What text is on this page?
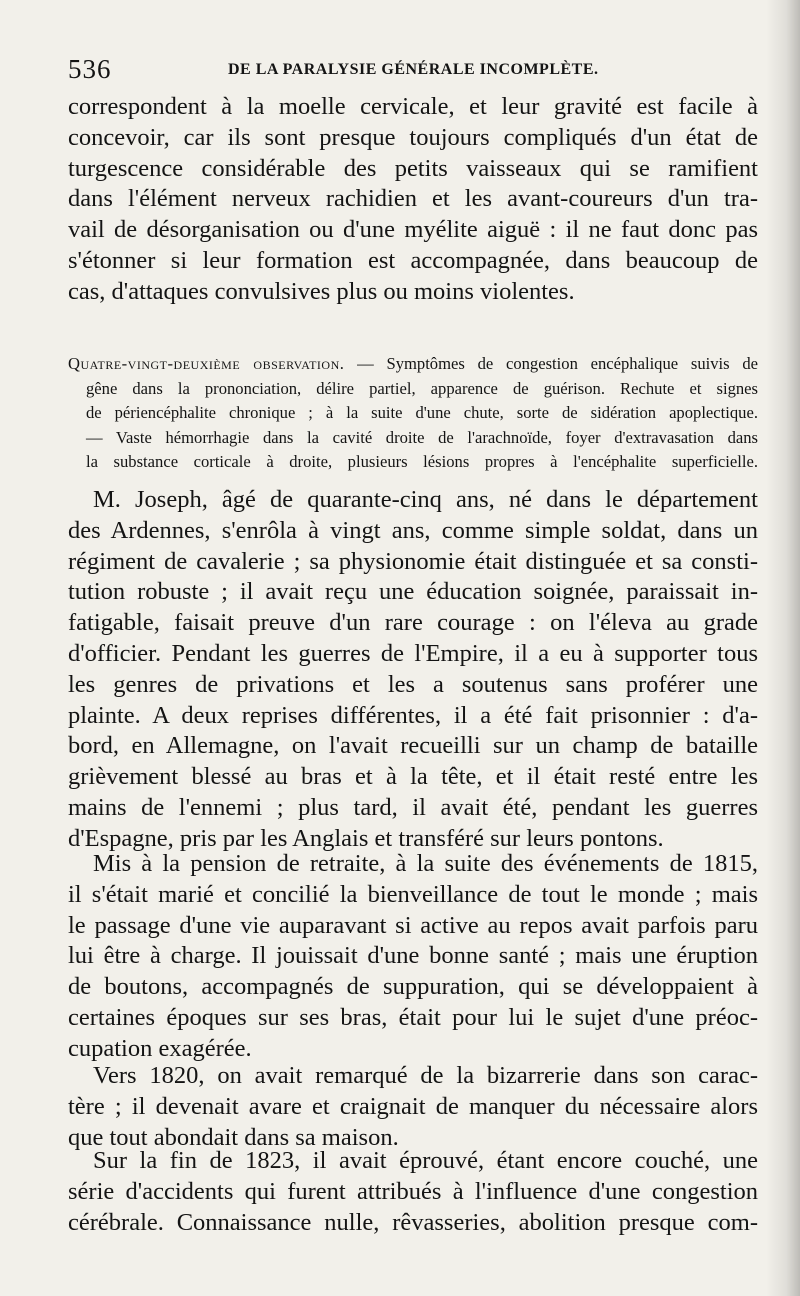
536	DE LA PARALYSIE GÉNÉRALE INCOMPLÈTE.
correspondent à la moelle cervicale, et leur gravité est facile à
concevoir, car ils sont presque toujours compliqués d'un état de
turgescence considérable des petits vaisseaux qui se ramifient
dans l'élément nerveux rachidien et les avant-coureurs d'un tra-
vail de désorganisation ou d'une myélite aiguë : il ne faut donc pas
s'étonner si leur formation est accompagnée, dans beaucoup de
cas, d'attaques convulsives plus ou moins violentes.
Quatre-vingt-deuxième observation. — Symptômes de congestion encéphalique suivis de
gêne dans la prononciation, délire partiel, apparence de guérison. Rechute et signes
de périencéphalite chronique ; à la suite d'une chute, sorte de sidération apoplectique.
— Vaste hémorrhagie dans la cavité droite de l'arachnoïde, foyer d'extravasation dans
la substance corticale à droite, plusieurs lésions propres à l'encéphalite superficielle.
M. Joseph, âgé de quarante-cinq ans, né dans le département
des Ardennes, s'enrôla à vingt ans, comme simple soldat, dans un
régiment de cavalerie ; sa physionomie était distinguée et sa consti-
tution robuste ; il avait reçu une éducation soignée, paraissait in-
fatigable, faisait preuve d'un rare courage : on l'éleva au grade
d'officier. Pendant les guerres de l'Empire, il a eu à supporter tous
les genres de privations et les a soutenus sans proférer une
plainte. A deux reprises différentes, il a été fait prisonnier : d'a-
bord, en Allemagne, on l'avait recueilli sur un champ de bataille
grièvement blessé au bras et à la tête, et il était resté entre les
mains de l'ennemi ; plus tard, il avait été, pendant les guerres
d'Espagne, pris par les Anglais et transféré sur leurs pontons.
Mis à la pension de retraite, à la suite des événements de 1815,
il s'était marié et concilié la bienveillance de tout le monde ; mais
le passage d'une vie auparavant si active au repos avait parfois paru
lui être à charge. Il jouissait d'une bonne santé ; mais une éruption
de boutons, accompagnés de suppuration, qui se développaient à
certaines époques sur ses bras, était pour lui le sujet d'une préoc-
cupation exagérée.
Vers 1820, on avait remarqué de la bizarrerie dans son carac-
tère ; il devenait avare et craignait de manquer du nécessaire alors
que tout abondait dans sa maison.
Sur la fin de 1823, il avait éprouvé, étant encore couché, une
série d'accidents qui furent attribués à l'influence d'une congestion
cérébrale. Connaissance nulle, rêvasseries, abolition presque com-
